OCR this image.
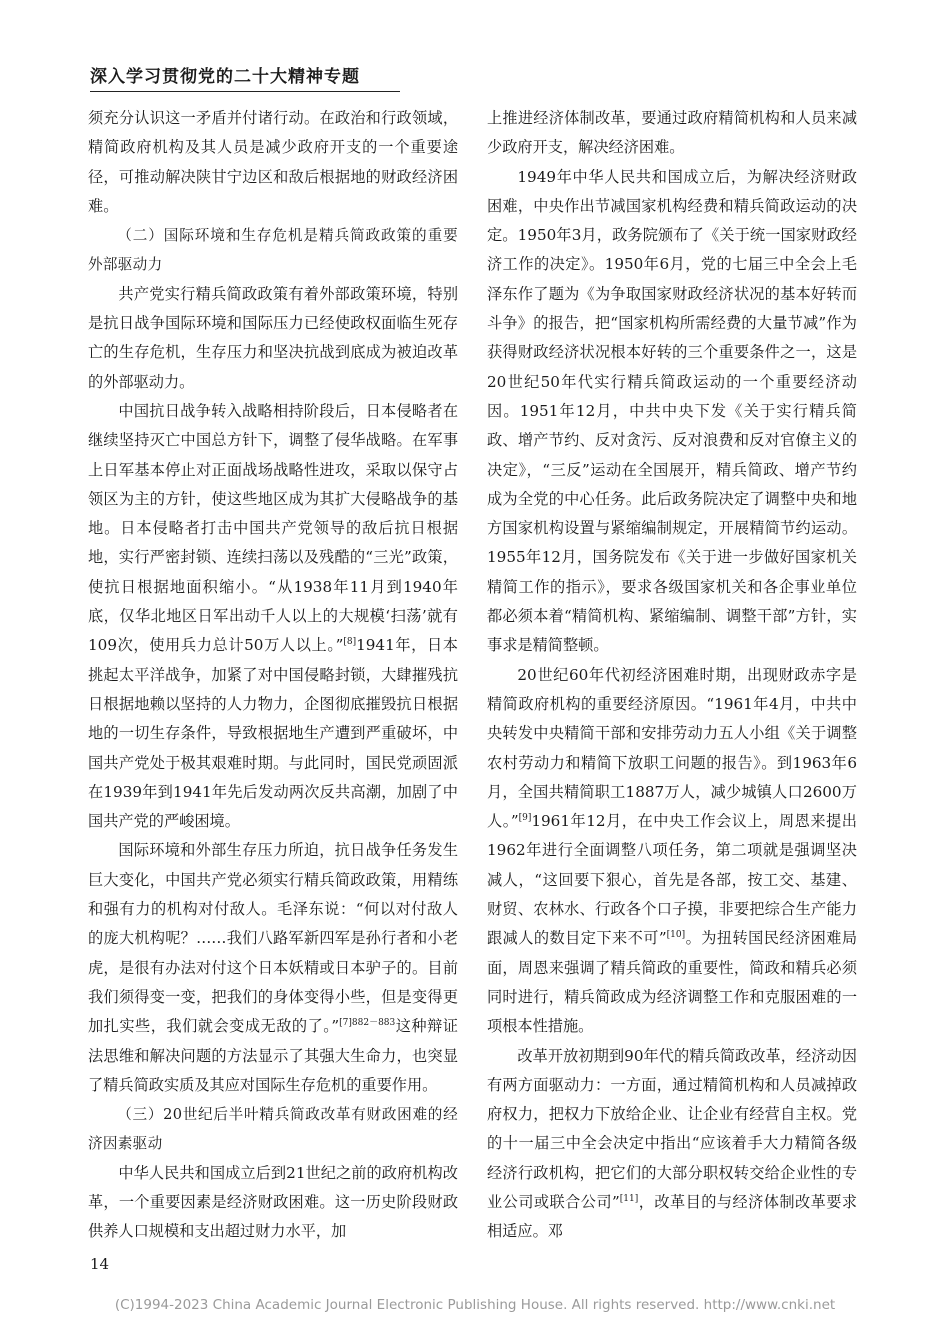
深入学习贯彻党的二十大精神专题

须充分认识这一矛盾并付诸行动。在政治和行政领域，精简政府机构及其人员是减少政府开支的一个重要途径，可推动解决陕甘宁边区和敌后根据地的财政经济困难。

（二）国际环境和生存危机是精兵简政政策的重要外部驱动力

共产党实行精兵简政政策有着外部政策环境，特别是抗日战争国际环境和国际压力已经使政权面临生死存亡的生存危机，生存压力和坚决抗战到底成为被迫改革的外部驱动力。

中国抗日战争转入战略相持阶段后，日本侵略者在继续坚持灭亡中国总方针下，调整了侵华战略。在军事上日军基本停止对正面战场战略性进攻，采取以保守占领区为主的方针，使这些地区成为其扩大侵略战争的基地。日本侵略者打击中国共产党领导的敌后抗日根据地，实行严密封锁、连续扫荡以及残酷的“三光”政策，使抗日根据地面积缩小。“从1938年11月到1940年底，仅华北地区日军出动千人以上的大规模‘扫荡’就有109次，使用兵力总计50万人以上。”[8]1941年，日本挑起太平洋战争，加紧了对中国侵略封锁，大肆摧残抗日根据地赖以坚持的人力物力，企图彻底摧毁抗日根据地的一切生存条件，导致根据地生产遭到严重破坏，中国共产党处于极其艰难时期。与此同时，国民党顽固派在1939年到1941年先后发动两次反共高潮，加剧了中国共产党的严峻困境。

国际环境和外部生存压力所迫，抗日战争任务发生巨大变化，中国共产党必须实行精兵简政政策，用精练和强有力的机构对付敌人。毛泽东说：“何以对付敌人的庞大机构呢？……我们八路军新四军是孙行者和小老虎，是很有办法对付这个日本妖精或日本驴子的。目前我们须得变一变，把我们的身体变得小些，但是变得更加扎实些，我们就会变成无敌的了。”$^{[7]882-883}$这种辩证法思维和解决问题的方法显示了其强大生命力，也突显了精兵简政实质及其应对国际生存危机的重要作用。

（三）20世纪后半叶精兵简政改革有财政困难的经济因素驱动

中华人民共和国成立后到21世纪之前的政府机构改革，一个重要因素是经济财政困难。这一历史阶段财政供养人口规模和支出超过财力水平，加

上推进经济体制改革，要通过政府精简机构和人员来减少政府开支，解决经济困难。

1949年中华人民共和国成立后，为解决经济财政困难，中央作出节减国家机构经费和精兵简政运动的决定。1950年3月，政务院颁布了《关于统一国家财政经济工作的决定》。1950年6月，党的七届三中全会上毛泽东作了题为《为争取国家财政经济状况的基本好转而斗争》的报告，把“国家机构所需经费的大量节减”作为获得财政经济状况根本好转的三个重要条件之一，这是20世纪50年代实行精兵简政运动的一个重要经济动因。1951年12月，中共中央下发《关于实行精兵简政、增产节约、反对贪污、反对浪费和反对官僚主义的决定》，“三反”运动在全国展开，精兵简政、增产节约成为全党的中心任务。此后政务院决定了调整中央和地方国家机构设置与紧缩编制规定，开展精简节约运动。1955年12月，国务院发布《关于进一步做好国家机关精简工作的指示》，要求各级国家机关和各企事业单位都必须本着“精简机构、紧缩编制、调整干部”方针，实事求是精简整顿。

20世纪60年代初经济困难时期，出现财政赤字是精简政府机构的重要经济原因。“1961年4月，中共中央转发中央精简干部和安排劳动力五人小组《关于调整农村劳动力和精简下放职工问题的报告》。到1963年6月，全国共精简职工1887万人，减少城镇人口2600万人。”[9]1961年12月，在中央工作会议上，周恩来提出1962年进行全面调整八项任务，第二项就是强调坚决减人，“这回要下狠心，首先是各部，按工交、基建、财贸、农林水、行政各个口子摸，非要把综合生产能力跟减人的数目定下来不可”[10]。为扭转国民经济困难局面，周恩来强调了精兵简政的重要性，简政和精兵必须同时进行，精兵简政成为经济调整工作和克服困难的一项根本性措施。

改革开放初期到90年代的精兵简政改革，经济动因有两方面驱动力：一方面，通过精简机构和人员减掉政府权力，把权力下放给企业、让企业有经营自主权。党的十一届三中全会决定中指出“应该着手大力精简各级经济行政机构，把它们的大部分职权转交给企业性的专业公司或联合公司”[11]，改革目的与经济体制改革要求相适应。邓

14
(C)1994-2023 China Academic Journal Electronic Publishing House. All rights reserved. http://www.cnki.net
